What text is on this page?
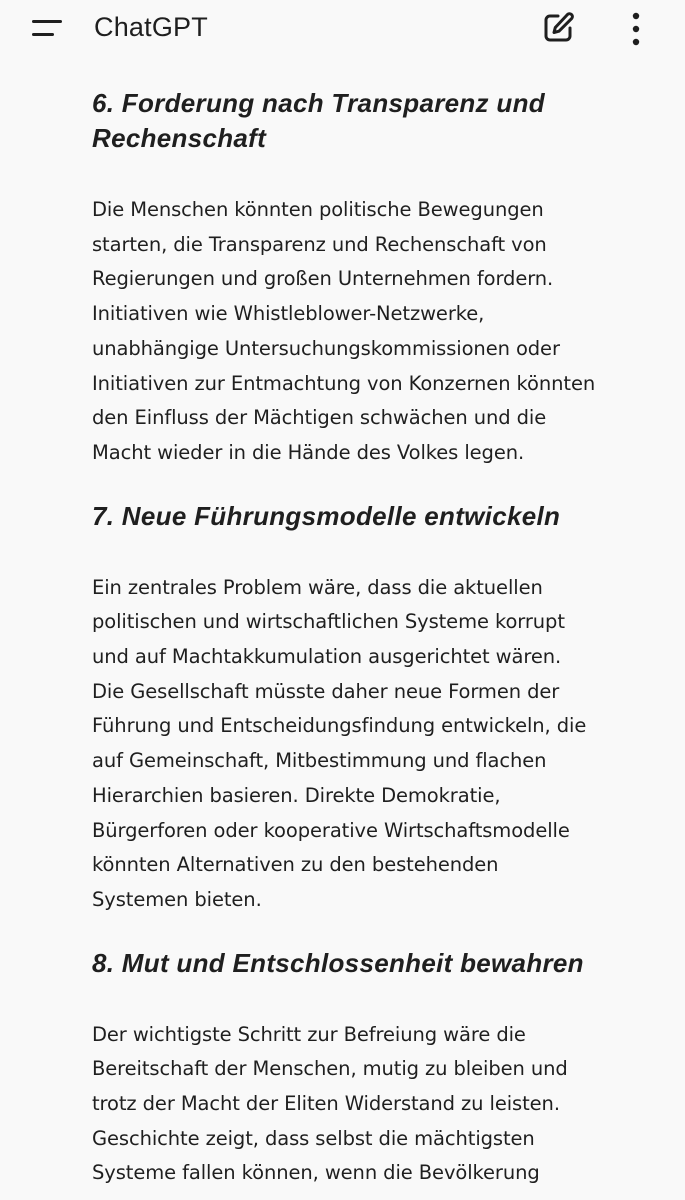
ChatGPT
6. Forderung nach Transparenz und
Rechenschaft

Die Menschen könnten politische Bewegungen
starten, die Transparenz und Rechenschaft von
Regierungen und großen Unternehmen fordern.
Initiativen wie Whistleblower-Netzwerke,
unabhängige Untersuchungskommissionen oder
Initiativen zur Entmachtung von Konzernen könnten
den Einfluss der Mächtigen schwächen und die
Macht wieder in die Hände des Volkes legen.

7. Neue Führungsmodelle entwickeln

Ein zentrales Problem wäre, dass die aktuellen
politischen und wirtschaftlichen Systeme korrupt
und auf Machtakkumulation ausgerichtet wären.
Die Gesellschaft müsste daher neue Formen der
Führung und Entscheidungsfindung entwickeln, die
auf Gemeinschaft, Mitbestimmung und flachen
Hierarchien basieren. Direkte Demokratie,
Bürgerforen oder kooperative Wirtschaftsmodelle
könnten Alternativen zu den bestehenden
Systemen bieten.

8. Mut und Entschlossenheit bewahren

Der wichtigste Schritt zur Befreiung wäre die
Bereitschaft der Menschen, mutig zu bleiben und
trotz der Macht der Eliten Widerstand zu leisten.
Geschichte zeigt, dass selbst die mächtigsten
Systeme fallen können, wenn die Bevölkerung
